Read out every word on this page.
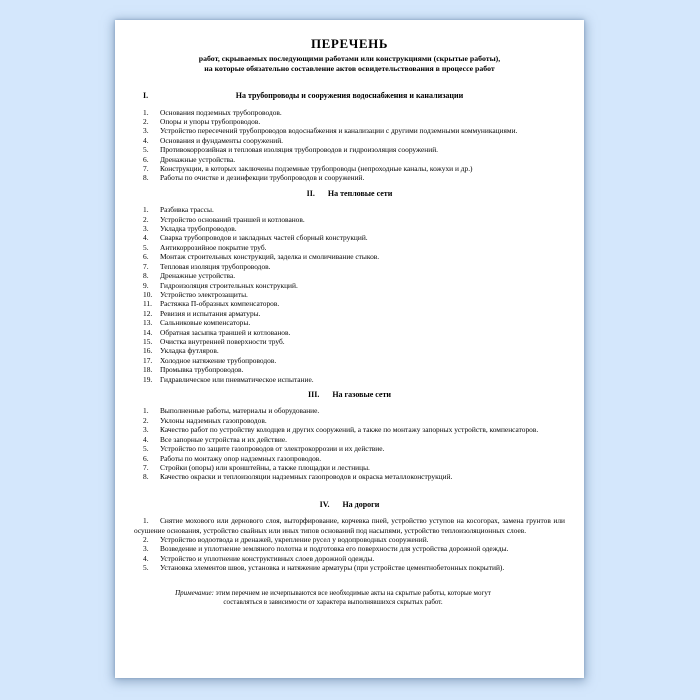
ПЕРЕЧЕНЬ
работ, скрываемых последующими работами или конструкциями (скрытые работы),
на которые обязательно составление актов освидетельствования в процессе работ
I.	На трубопроводы и сооружения водоснабжения и канализации
1. Основания подземных трубопроводов.
2. Опоры и упоры трубопроводов.
3. Устройство пересечений трубопроводов водоснабжения и канализации с другими подземными коммуникациями.
4. Основания и фундаменты сооружений.
5. Противокоррозийная и тепловая изоляция трубопроводов и гидроизоляция сооружений.
6. Дренажные устройства.
7. Конструкции, в которых заключены подземные трубопроводы (непроходные каналы, кожухи и др.)
8. Работы по очистке и дезинфекции трубопроводов и сооружений.
II. На тепловые сети
1. Разбивка трассы.
2. Устройство оснований траншей и котлованов.
3. Укладка трубопроводов.
4. Сварка трубопроводов и закладных частей сборный конструкций.
5. Антикоррозийное покрытие труб.
6. Монтаж строительных конструкций, заделка и смоличивание стыков.
7. Тепловая изоляция трубопроводов.
8. Дренажные устройства.
9. Гидроизоляция строительных конструкций.
10. Устройство электрозащиты.
11. Растяжка П-образных компенсаторов.
12. Ревизия и испытания арматуры.
13. Сальниковые компенсаторы.
14. Обратная засыпка траншей и котлованов.
15. Очистка внутренней поверхности труб.
16. Укладка футляров.
17. Холодное натяжение трубопроводов.
18. Промывка трубопроводов.
19. Гидравлическое или пневматическое испытание.
III. На газовые сети
1. Выполненные работы, материалы и оборудование.
2. Уклоны надземных газопроводов.
3. Качество работ по устройству колодцев и других сооружений, а также по монтажу запорных устройств, компенсаторов.
4. Все запорные устройства и их действие.
5. Устройство по защите газопроводов от электрокоррозии и их действие.
6. Работы по монтажу опор надземных газопроводов.
7. Стройки (опоры) или кронштейны, а также площадки и лестницы.
8. Качество окраски и теплоизоляции надземных газопроводов и окраска металлоконструкций.
IV. На дороги
1. Снятие мохового или дернового слоя, выторфирование, корчевка пней, устройство уступов на косогорах, замена грунтов или осушение основания, устройство свайных или иных типов оснований под насыпями, устройство теплоизоляционных слоев.
2. Устройство водоотвода и дренажей, укрепление русел у водопроводных сооружений.
3. Возведение и уплотнение земляного полотна и подготовка его поверхности для устройства дорожной одежды.
4. Устройство и уплотнение конструктивных слоев дорожной одежды.
5. Установка элементов швов, установка и натяжение арматуры (при устройстве цементнобетонных покрытий).
Примечание: этим перечнем не исчерпываются все необходимые акты на скрытые работы, которые могут составляться в зависимости от характера выполнявшихся скрытых работ.
